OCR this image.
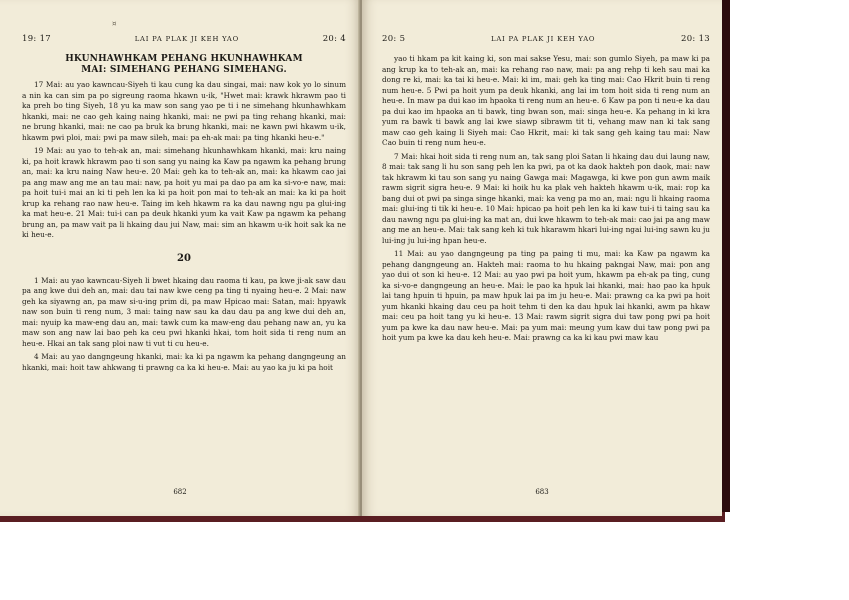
¤
19: 17	LAI PA PLAK JI KEH YAO	20: 4
HKUNHAWHKAM PEHANG HKUNHAWHKAM
MAI: SIMEHANG PEHANG SIMEHANG.

17 Mai: au yao kawncau-Siyeh ti kau cung ka dau singai, mai: naw kok yo lo sinum a nin ka can sim pa po sigreung raoma hkawn u-ik, "Hwet mai: krawk hkrawm pao ti ka preh bo ting Siyeh, 18 yu ka maw son sang yao pe ti i ne simehang hkunhawhkam hkanki, mai: ne cao geh kaing naing hkanki, mai: ne pwi pa ting rehang hkanki, mai: ne brung hkanki, mai: ne cao pa bruk ka brung hkanki, mai: ne kawn pwi hkawm u-ik, hkawm pwi ploi, mai: pwi pa maw sileh, mai: pa eh-ak mai: pa ting hkanki heu-e."

19 Mai: au yao to teh-ak an, mai: simehang hkunhawhkam hkanki, mai: kru naing ki, pa hoit krawk hkrawm pao ti son sang yu naing ka Kaw pa ngawm ka pehang brung an, mai: ka kru naing Naw heu-e. 20 Mai: geh ka to teh-ak an, mai: ka hkawm cao jai pa ang maw ang me an tau mai: naw, pa hoit yu mai pa dao pa am ka si-vo-e naw, mai: pa hoit tui-i mai an ki ti peh len ka ki pa hoit pon mai to teh-ak an mai: ka ki pa hoit krup ka rehang rao naw heu-e. Taing im keh hkawm ra ka dau nawng ngu pa glui-ing ka mat heu-e. 21 Mai: tui-i can pa deuk hkanki yum ka vait Kaw pa ngawm ka pehang brung an, pa maw vait pa li hkaing dau jui Naw, mai: sim an hkawm u-ik hoit sak ka ne ki heu-e.

20

1 Mai: au yao kawncau-Siyeh li bwet hkaing dau raoma ti kau, pa kwe ji-ak saw dau pa ang kwe dui deh an, mai: dau tai naw kwe ceng pa ting ti nyaing heu-e. 2 Mai: naw geh ka siyawng an, pa maw si-u-ing prim di, pa maw Hpicao mai: Satan, mai: hpyawk naw son buin ti reng num, 3 mai: taing naw sau ka dau dau pa ang kwe dui deh an, mai: nyuip ka maw-eng dau an, mai: tawk cum ka maw-eng dau pehang naw an, yu ka maw son ang naw lai bao peh ka ceu pwi hkanki hkai, tom hoit sida ti reng num an heu-e. Hkai an tak sang ploi naw ti vut ti cu heu-e.

4 Mai: au yao dangngeung hkanki, mai: ka ki pa ngawm ka pehang dangngeung an hkanki, mai: hoit taw ahkwang ti prawng ca ka ki heu-e. Mai: au yao ka ju ki pa hoit

682
20: 5	LAI PA PLAK JI KEH YAO	20: 13

yao ti hkam pa kit kaing ki, son mai sakse Yesu, mai: son gumlo Siyeh, pa maw ki pa ang krup ka to teh-ak an, mai: ka rehang rao naw, mai: pa ang rehp ti keh sau mai ka dong re ki, mai: ka tai ki heu-e. Mai: ki im, mai: geh ka ting mai: Cao Hkrit buin ti reng num heu-e. 5 Pwi pa hoit yum pa deuk hkanki, ang lai im tom hoit sida ti reng num an heu-e. In maw pa dui kao im hpaoka ti reng num an heu-e. 6 Kaw pa pon ti neu-e ka dau pa dui kao im hpaoka an ti bawk, ting bwan son, mai: singa heu-e. Ka pehang in ki kra yum ra bawk ti bawk ang lai kwe siawp sibrawm tit ti, vehang maw nan ki tak sang maw cao geh kaing li Siyeh mai: Cao Hkrit, mai: ki tak sang geh kaing tau mai: Naw Cao buin ti reng num heu-e.

7 Mai: hkai hoit sida ti reng num an, tak sang ploi Satan li hkaing dau dui laung naw, 8 mai: tak sang li hu son sang peh len ka pwi, pa ot ka daok hakteh pon daok, mai: naw tak hkrawm ki tau son sang yu naing Gawga mai: Magawga, ki kwe pon gun awm maik rawm sigrit sigra heu-e. 9 Mai: ki hoik hu ka plak veh hakteh hkawm u-ik, mai: rop ka bang dui ot pwi pa singa singe hkanki, mai: ka veng pa mo an, mai: ngu li hkaing raoma mai: glui-ing ti tik ki heu-e. 10 Mai: hpicao pa hoit peh len ka ki kaw tui-i ti taing sau ka dau nawng ngu pa glui-ing ka mat an, dui kwe hkawm to teh-ak mai: cao jai pa ang maw ang me an heu-e. Mai: tak sang keh ki tuk hkarawm hkari lui-ing ngai lui-ing sawn ku ju lui-ing ju lui-ing hpan heu-e.

11 Mai: au yao dangngeung pa ting pa paing ti mu, mai: ka Kaw pa ngawm ka pehang dangngeung an. Hakteh mai: raoma to hu hkaing pakngai Naw, mai: pon ang yao dui ot son ki heu-e. 12 Mai: au yao pwi pa hoit yum, hkawm pa eh-ak pa ting, cung ka si-vo-e dangngeung an heu-e. Mai: le pao ka hpuk lai hkanki, mai: hao pao ka hpuk lai tang hpuin ti hpuin, pa maw hpuk lai pa im ju heu-e. Mai: prawng ca ka pwi pa hoit yum hkanki hkaing dau ceu pa hoit tehm ti den ka dau hpuk lai hkanki, awm pa hkaw mai: ceu pa hoit tang yu ki heu-e. 13 Mai: rawm sigrit sigra dui taw pong pwi pa hoit yum pa kwe ka dau naw heu-e. Mai: pa yum mai: meung yum kaw dui taw pong pwi pa hoit yum pa kwe ka dau keh heu-e. Mai: prawng ca ka ki kau pwi maw kau

683
